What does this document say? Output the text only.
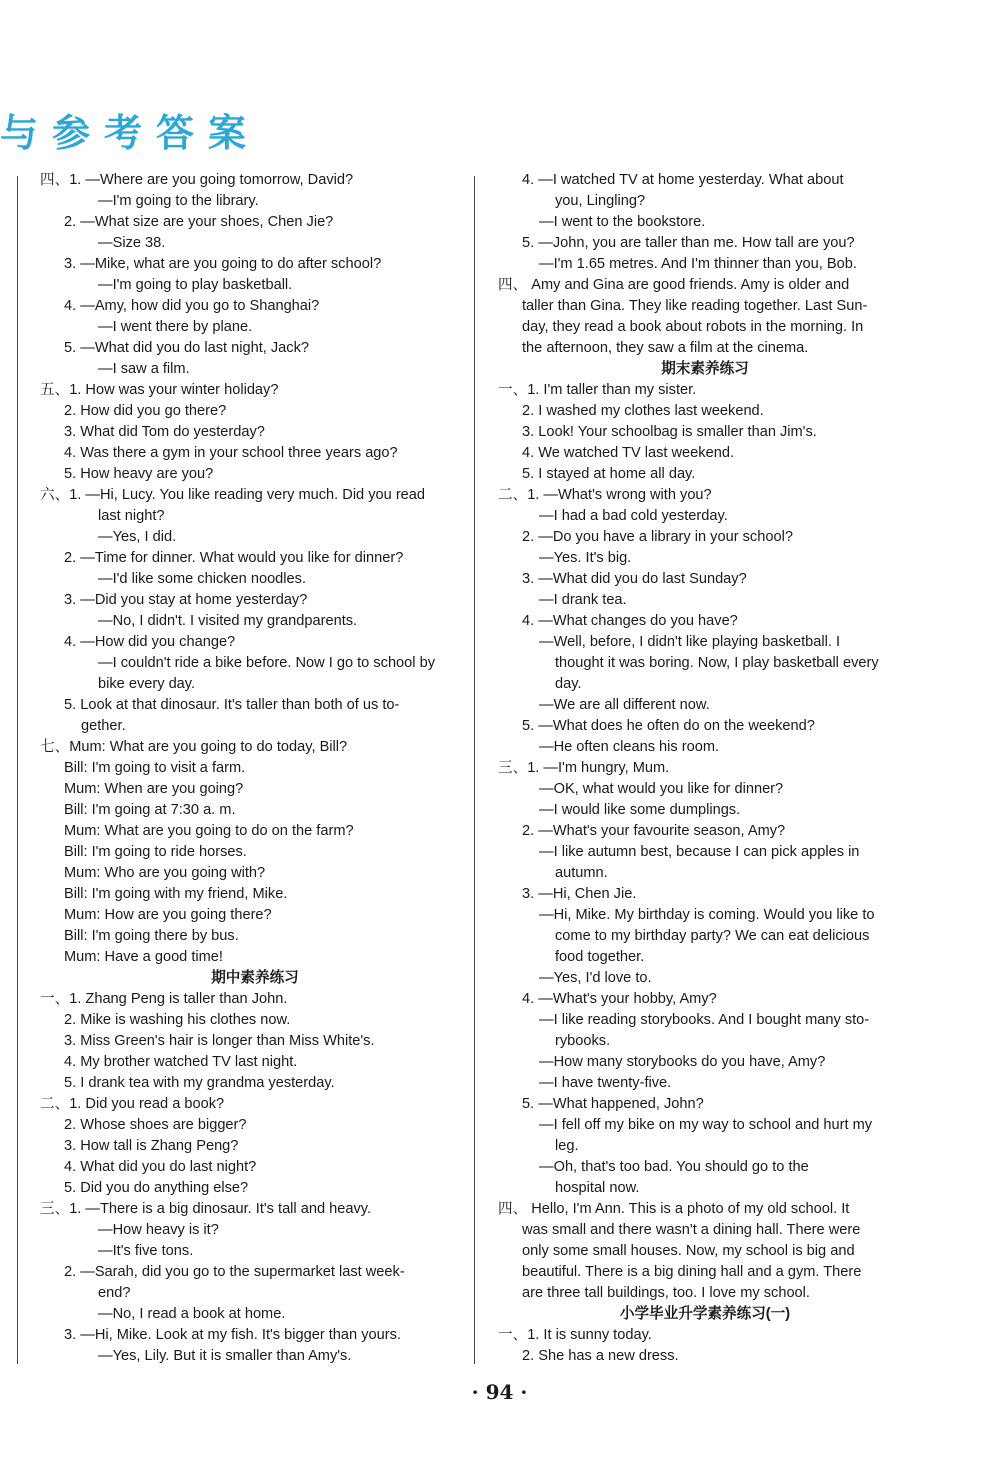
与参考答案
四、1. —Where are you going tomorrow, David?
—I'm going to the library.
2. —What size are your shoes, Chen Jie?
—Size 38.
3. —Mike, what are you going to do after school?
—I'm going to play basketball.
4. —Amy, how did you go to Shanghai?
—I went there by plane.
5. —What did you do last night, Jack?
—I saw a film.
五、1. How was your winter holiday?
2. How did you go there?
3. What did Tom do yesterday?
4. Was there a gym in your school three years ago?
5. How heavy are you?
六、1. —Hi, Lucy. You like reading very much. Did you read
last night?
—Yes, I did.
2. —Time for dinner. What would you like for dinner?
—I'd like some chicken noodles.
3. —Did you stay at home yesterday?
—No, I didn't. I visited my grandparents.
4. —How did you change?
—I couldn't ride a bike before. Now I go to school by
bike every day.
5. Look at that dinosaur. It's taller than both of us to-
gether.
七、Mum: What are you going to do today, Bill?
Bill: I'm going to visit a farm.
Mum: When are you going?
Bill: I'm going at 7:30 a. m.
Mum: What are you going to do on the farm?
Bill: I'm going to ride horses.
Mum: Who are you going with?
Bill: I'm going with my friend, Mike.
Mum: How are you going there?
Bill: I'm going there by bus.
Mum: Have a good time!
期中素养练习
一、1. Zhang Peng is taller than John.
2. Mike is washing his clothes now.
3. Miss Green's hair is longer than Miss White's.
4. My brother watched TV last night.
5. I drank tea with my grandma yesterday.
二、1. Did you read a book?
2. Whose shoes are bigger?
3. How tall is Zhang Peng?
4. What did you do last night?
5. Did you do anything else?
三、1. —There is a big dinosaur. It's tall and heavy.
—How heavy is it?
—It's five tons.
2. —Sarah, did you go to the supermarket last week-
end?
—No, I read a book at home.
3. —Hi, Mike. Look at my fish. It's bigger than yours.
—Yes, Lily. But it is smaller than Amy's.
4. —I watched TV at home yesterday. What about
you, Lingling?
—I went to the bookstore.
5. —John, you are taller than me. How tall are you?
—I'm 1.65 metres. And I'm thinner than you, Bob.
四、 Amy and Gina are good friends. Amy is older and
taller than Gina. They like reading together. Last Sun-
day, they read a book about robots in the morning. In
the afternoon, they saw a film at the cinema.
期末素养练习
一、1. I'm taller than my sister.
2. I washed my clothes last weekend.
3. Look! Your schoolbag is smaller than Jim's.
4. We watched TV last weekend.
5. I stayed at home all day.
二、1. —What's wrong with you?
—I had a bad cold yesterday.
2. —Do you have a library in your school?
—Yes. It's big.
3. —What did you do last Sunday?
—I drank tea.
4. —What changes do you have?
—Well, before, I didn't like playing basketball. I
thought it was boring. Now, I play basketball every
day.
—We are all different now.
5. —What does he often do on the weekend?
—He often cleans his room.
三、1. —I'm hungry, Mum.
—OK, what would you like for dinner?
—I would like some dumplings.
2. —What's your favourite season, Amy?
—I like autumn best, because I can pick apples in
autumn.
3. —Hi, Chen Jie.
—Hi, Mike. My birthday is coming. Would you like to
come to my birthday party? We can eat delicious
food together.
—Yes, I'd love to.
4. —What's your hobby, Amy?
—I like reading storybooks. And I bought many sto-
rybooks.
—How many storybooks do you have, Amy?
—I have twenty-five.
5. —What happened, John?
—I fell off my bike on my way to school and hurt my
leg.
—Oh, that's too bad. You should go to the
hospital now.
四、 Hello, I'm Ann. This is a photo of my old school. It
was small and there wasn't a dining hall. There were
only some small houses. Now, my school is big and
beautiful. There is a big dining hall and a gym. There
are three tall buildings, too. I love my school.
小学毕业升学素养练习(一)
一、1. It is sunny today.
2. She has a new dress.
· 94 ·
